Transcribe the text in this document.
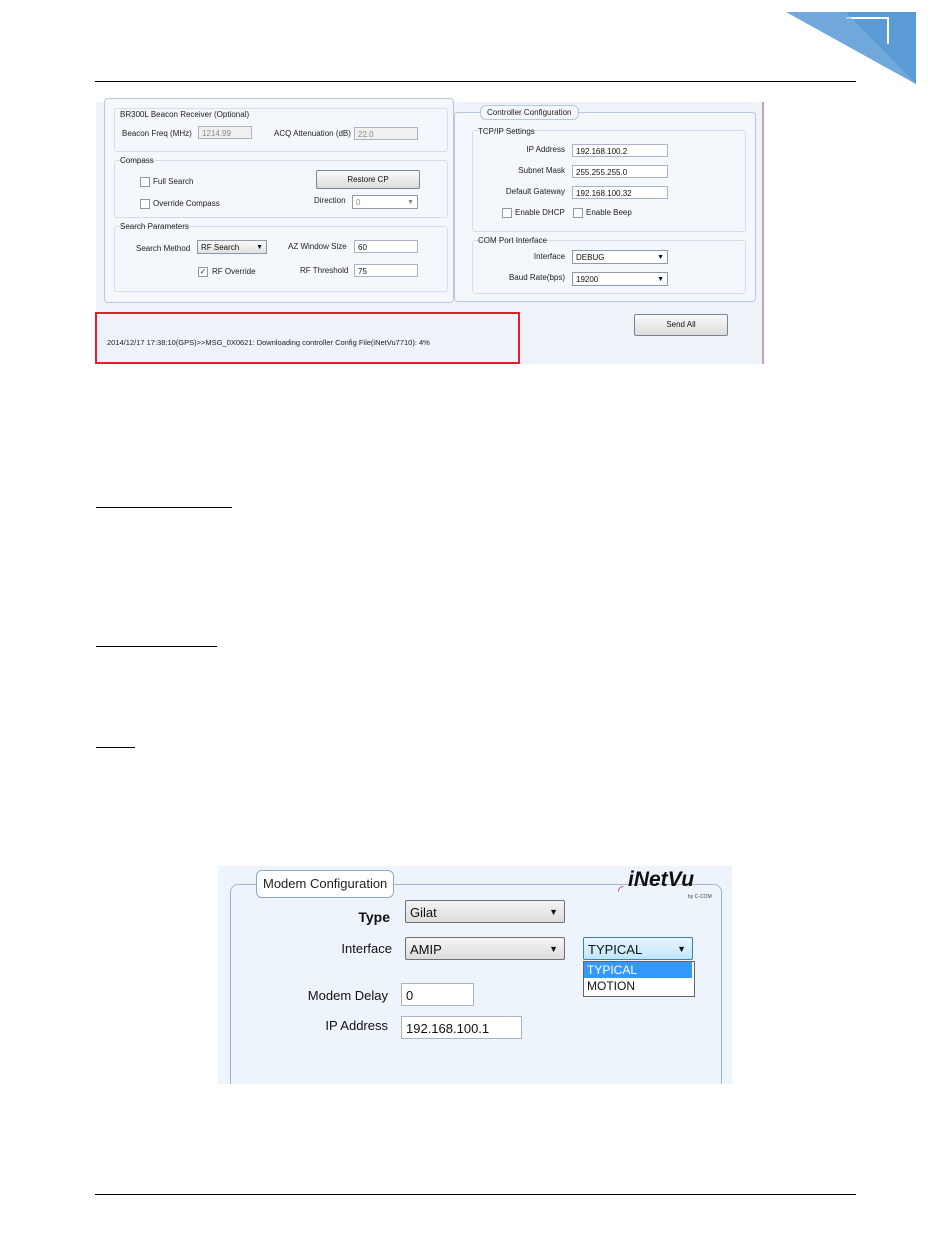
BR300L Beacon Receiver (Optional)
Beacon Freq (MHz)	1214.99	ACQ Attenuation (dB) 22.0
Compass
Full Search
Override Compass
Restore CP
Direction	0	▼
Search Parameters
Search Method	RF Search ▼
✓ RF Override
AZ Window Size	60
RF Threshold	75
Controller Configuration
TCP/IP Settings
IP Address	192.168.100.2
Subnet Mask	255.255.255.0
Default Gateway	192.168.100.32
Enable DHCP	Enable Beep
COM Port Interface
Interface	DEBUG	▼
Baud Rate(bps)	19200	▼
Send All
2014/12/17 17:38:10(GPS)>>MSG_0X0621: Downloading controller Config File(iNetVu7710): 4%
Modem Configuration	◜ iNetVu
by C-COM
Type	Gilat	▼
Interface	AMIP	▼	TYPICAL	▼
TYPICAL
MOTION
Modem Delay	0
IP Address	192.168.100.1
